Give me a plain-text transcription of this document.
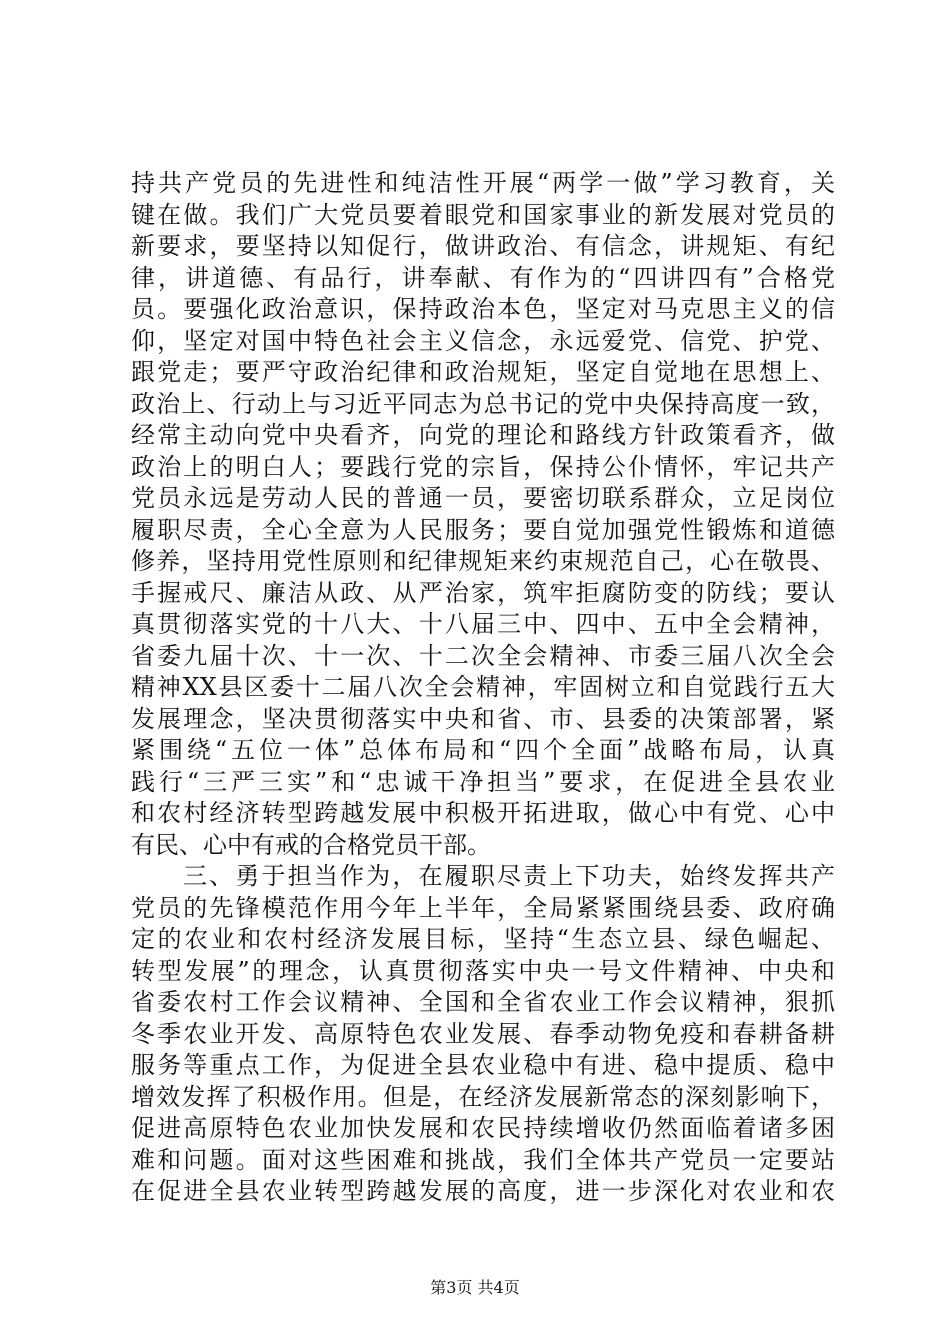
持共产党员的先进性和纯洁性开展“两学一做”学习教育，关
键在做。我们广大党员要着眼党和国家事业的新发展对党员的
新要求，要坚持以知促行，做讲政治、有信念，讲规矩、有纪
律，讲道德、有品行，讲奉献、有作为的“四讲四有”合格党
员。要强化政治意识，保持政治本色，坚定对马克思主义的信
仰，坚定对国中特色社会主义信念，永远爱党、信党、护党、
跟党走；要严守政治纪律和政治规矩，坚定自觉地在思想上、
政治上、行动上与习近平同志为总书记的党中央保持高度一致，
经常主动向党中央看齐，向党的理论和路线方针政策看齐，做
政治上的明白人；要践行党的宗旨，保持公仆情怀，牢记共产
党员永远是劳动人民的普通一员，要密切联系群众，立足岗位
履职尽责，全心全意为人民服务；要自觉加强党性锻炼和道德
修养，坚持用党性原则和纪律规矩来约束规范自己，心在敬畏、
手握戒尺、廉洁从政、从严治家，筑牢拒腐防变的防线；要认
真贯彻落实党的十八大、十八届三中、四中、五中全会精神，
省委九届十次、十一次、十二次全会精神、市委三届八次全会
精神XX县区委十二届八次全会精神，牢固树立和自觉践行五大
发展理念，坚决贯彻落实中央和省、市、县委的决策部署，紧
紧围绕“五位一体”总体布局和“四个全面”战略布局，认真
践行“三严三实”和“忠诚干净担当”要求，在促进全县农业
和农村经济转型跨越发展中积极开拓进取，做心中有党、心中
有民、心中有戒的合格党员干部。
三、勇于担当作为，在履职尽责上下功夫，始终发挥共产
党员的先锋模范作用今年上半年，全局紧紧围绕县委、政府确
定的农业和农村经济发展目标，坚持“生态立县、绿色崛起、
转型发展”的理念，认真贯彻落实中央一号文件精神、中央和
省委农村工作会议精神、全国和全省农业工作会议精神，狠抓
冬季农业开发、高原特色农业发展、春季动物免疫和春耕备耕
服务等重点工作，为促进全县农业稳中有进、稳中提质、稳中
增效发挥了积极作用。但是，在经济发展新常态的深刻影响下，
促进高原特色农业加快发展和农民持续增收仍然面临着诸多困
难和问题。面对这些困难和挑战，我们全体共产党员一定要站
在促进全县农业转型跨越发展的高度，进一步深化对农业和农
第3页 共4页
